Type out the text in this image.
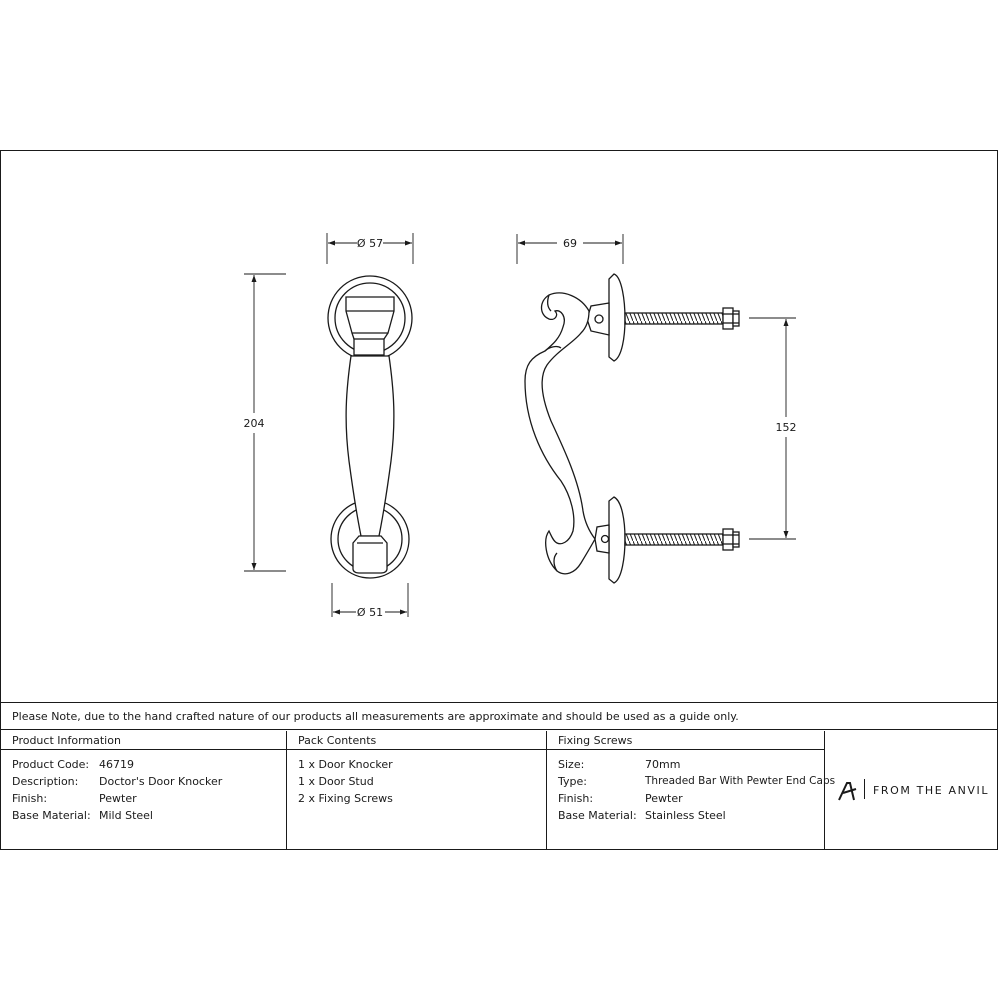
Ø 57
204
Ø 51
69
152
Please Note, due to the hand crafted nature of our products all measurements are approximate and should be used as a guide only.
Product Information
Product Code: 46719
Description: Doctor's Door Knocker
Finish:	Pewter
Base Material: Mild Steel
Pack Contents
1 x Door Knocker
1 x Door Stud
2 x Fixing Screws
Fixing Screws
Size:	70mm
Type:	Threaded Bar With Pewter End Caps
Finish:	Pewter
Base Material: Stainless Steel
FROM THE ANVIL
